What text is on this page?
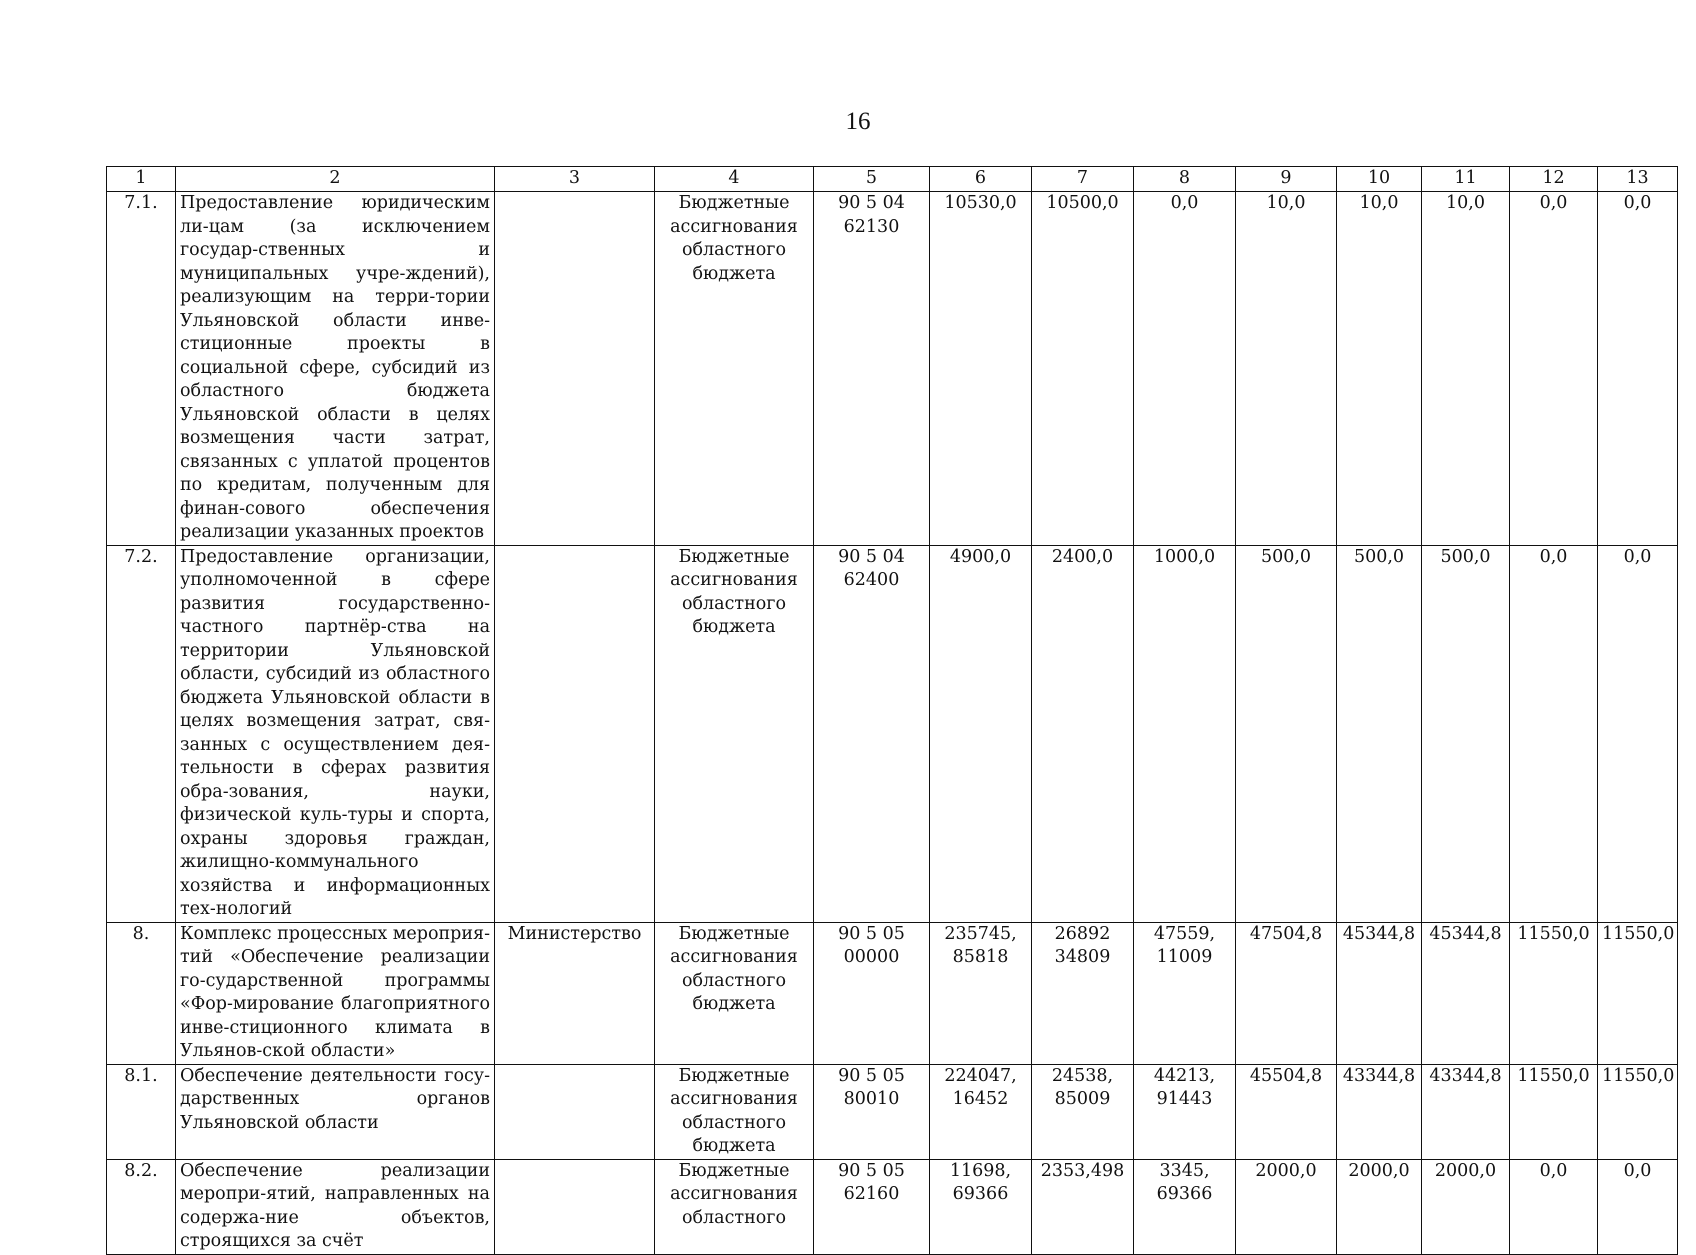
16
1	2	3	4	5	6	7	8	9	10	11	12	13
7.1.	Предоставление юридическим ли-цам (за исключением государ-ственных и муниципальных учре-ждений), реализующим на терри-тории Ульяновской области инве-стиционные проекты в социальной сфере, субсидий из областного бюджета Ульяновской области в целях возмещения части затрат, связанных с уплатой процентов по кредитам, полученным для финан-сового обеспечения реализации указанных проектов		Бюджетные ассигнования областного бюджета	90 5 04 62130	10530,0	10500,0	0,0	10,0	10,0	10,0	0,0	0,0
7.2.	Предоставление организации, уполномоченной в сфере развития государственно-частного партнёр-ства на территории Ульяновской области, субсидий из областного бюджета Ульяновской области в целях возмещения затрат, свя-занных с осуществлением дея-тельности в сферах развития обра-зования, науки, физической куль-туры и спорта, охраны здоровья граждан, жилищно-коммунального хозяйства и информационных тех-нологий		Бюджетные ассигнования областного бюджета	90 5 04 62400	4900,0	2400,0	1000,0	500,0	500,0	500,0	0,0	0,0
8.	Комплекс процессных мероприя-тий «Обеспечение реализации го-сударственной программы «Фор-мирование благоприятного инве-стиционного климата в Ульянов-ской области»	Министерство	Бюджетные ассигнования областного бюджета	90 5 05 00000	235745, 85818	26892 34809	47559, 11009	47504,8	45344,8	45344,8	11550,0	11550,0
8.1.	Обеспечение деятельности госу-дарственных органов Ульяновской области		Бюджетные ассигнования областного бюджета	90 5 05 80010	224047, 16452	24538, 85009	44213, 91443	45504,8	43344,8	43344,8	11550,0	11550,0
8.2.	Обеспечение реализации меропри-ятий, направленных на содержа-ние объектов, строящихся за счёт		Бюджетные ассигнования областного	90 5 05 62160	11698, 69366	2353,498	3345, 69366	2000,0	2000,0	2000,0	0,0	0,0
